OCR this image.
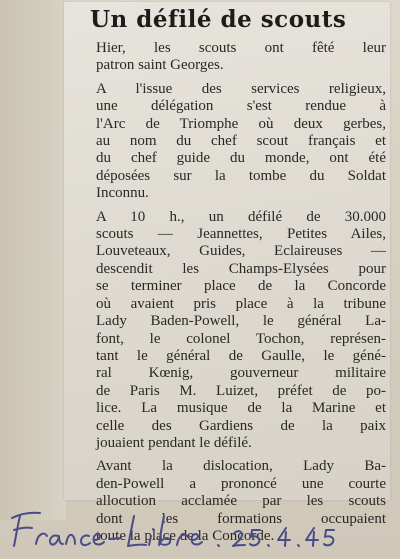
Un défilé de scouts

Hier, les scouts ont fêté leur
patron saint Georges.

A l'issue des services religieux,
une délégation s'est rendue à
l'Arc de Triomphe où deux gerbes,
au nom du chef scout français et
du chef guide du monde, ont été
déposées sur la tombe du Soldat
Inconnu.

A 10 h., un défilé de 30.000
scouts — Jeannettes, Petites Ailes,
Louveteaux, Guides, Eclaireuses —
descendit les Champs-Elysées pour
se terminer place de la Concorde
où avaient pris place à la tribune
Lady Baden-Powell, le général La-
font, le colonel Tochon, représen-
tant le général de Gaulle, le géné-
ral Kœnig, gouverneur militaire
de Paris M. Luizet, préfet de po-
lice. La musique de la Marine et
celle des Gardiens de la paix
jouaient pendant le défilé.

Avant la dislocation, Lady Ba-
den-Powell a prononcé une courte
allocution acclamée par les scouts
dont les formations occupaient
toute la place de la Concorde.
